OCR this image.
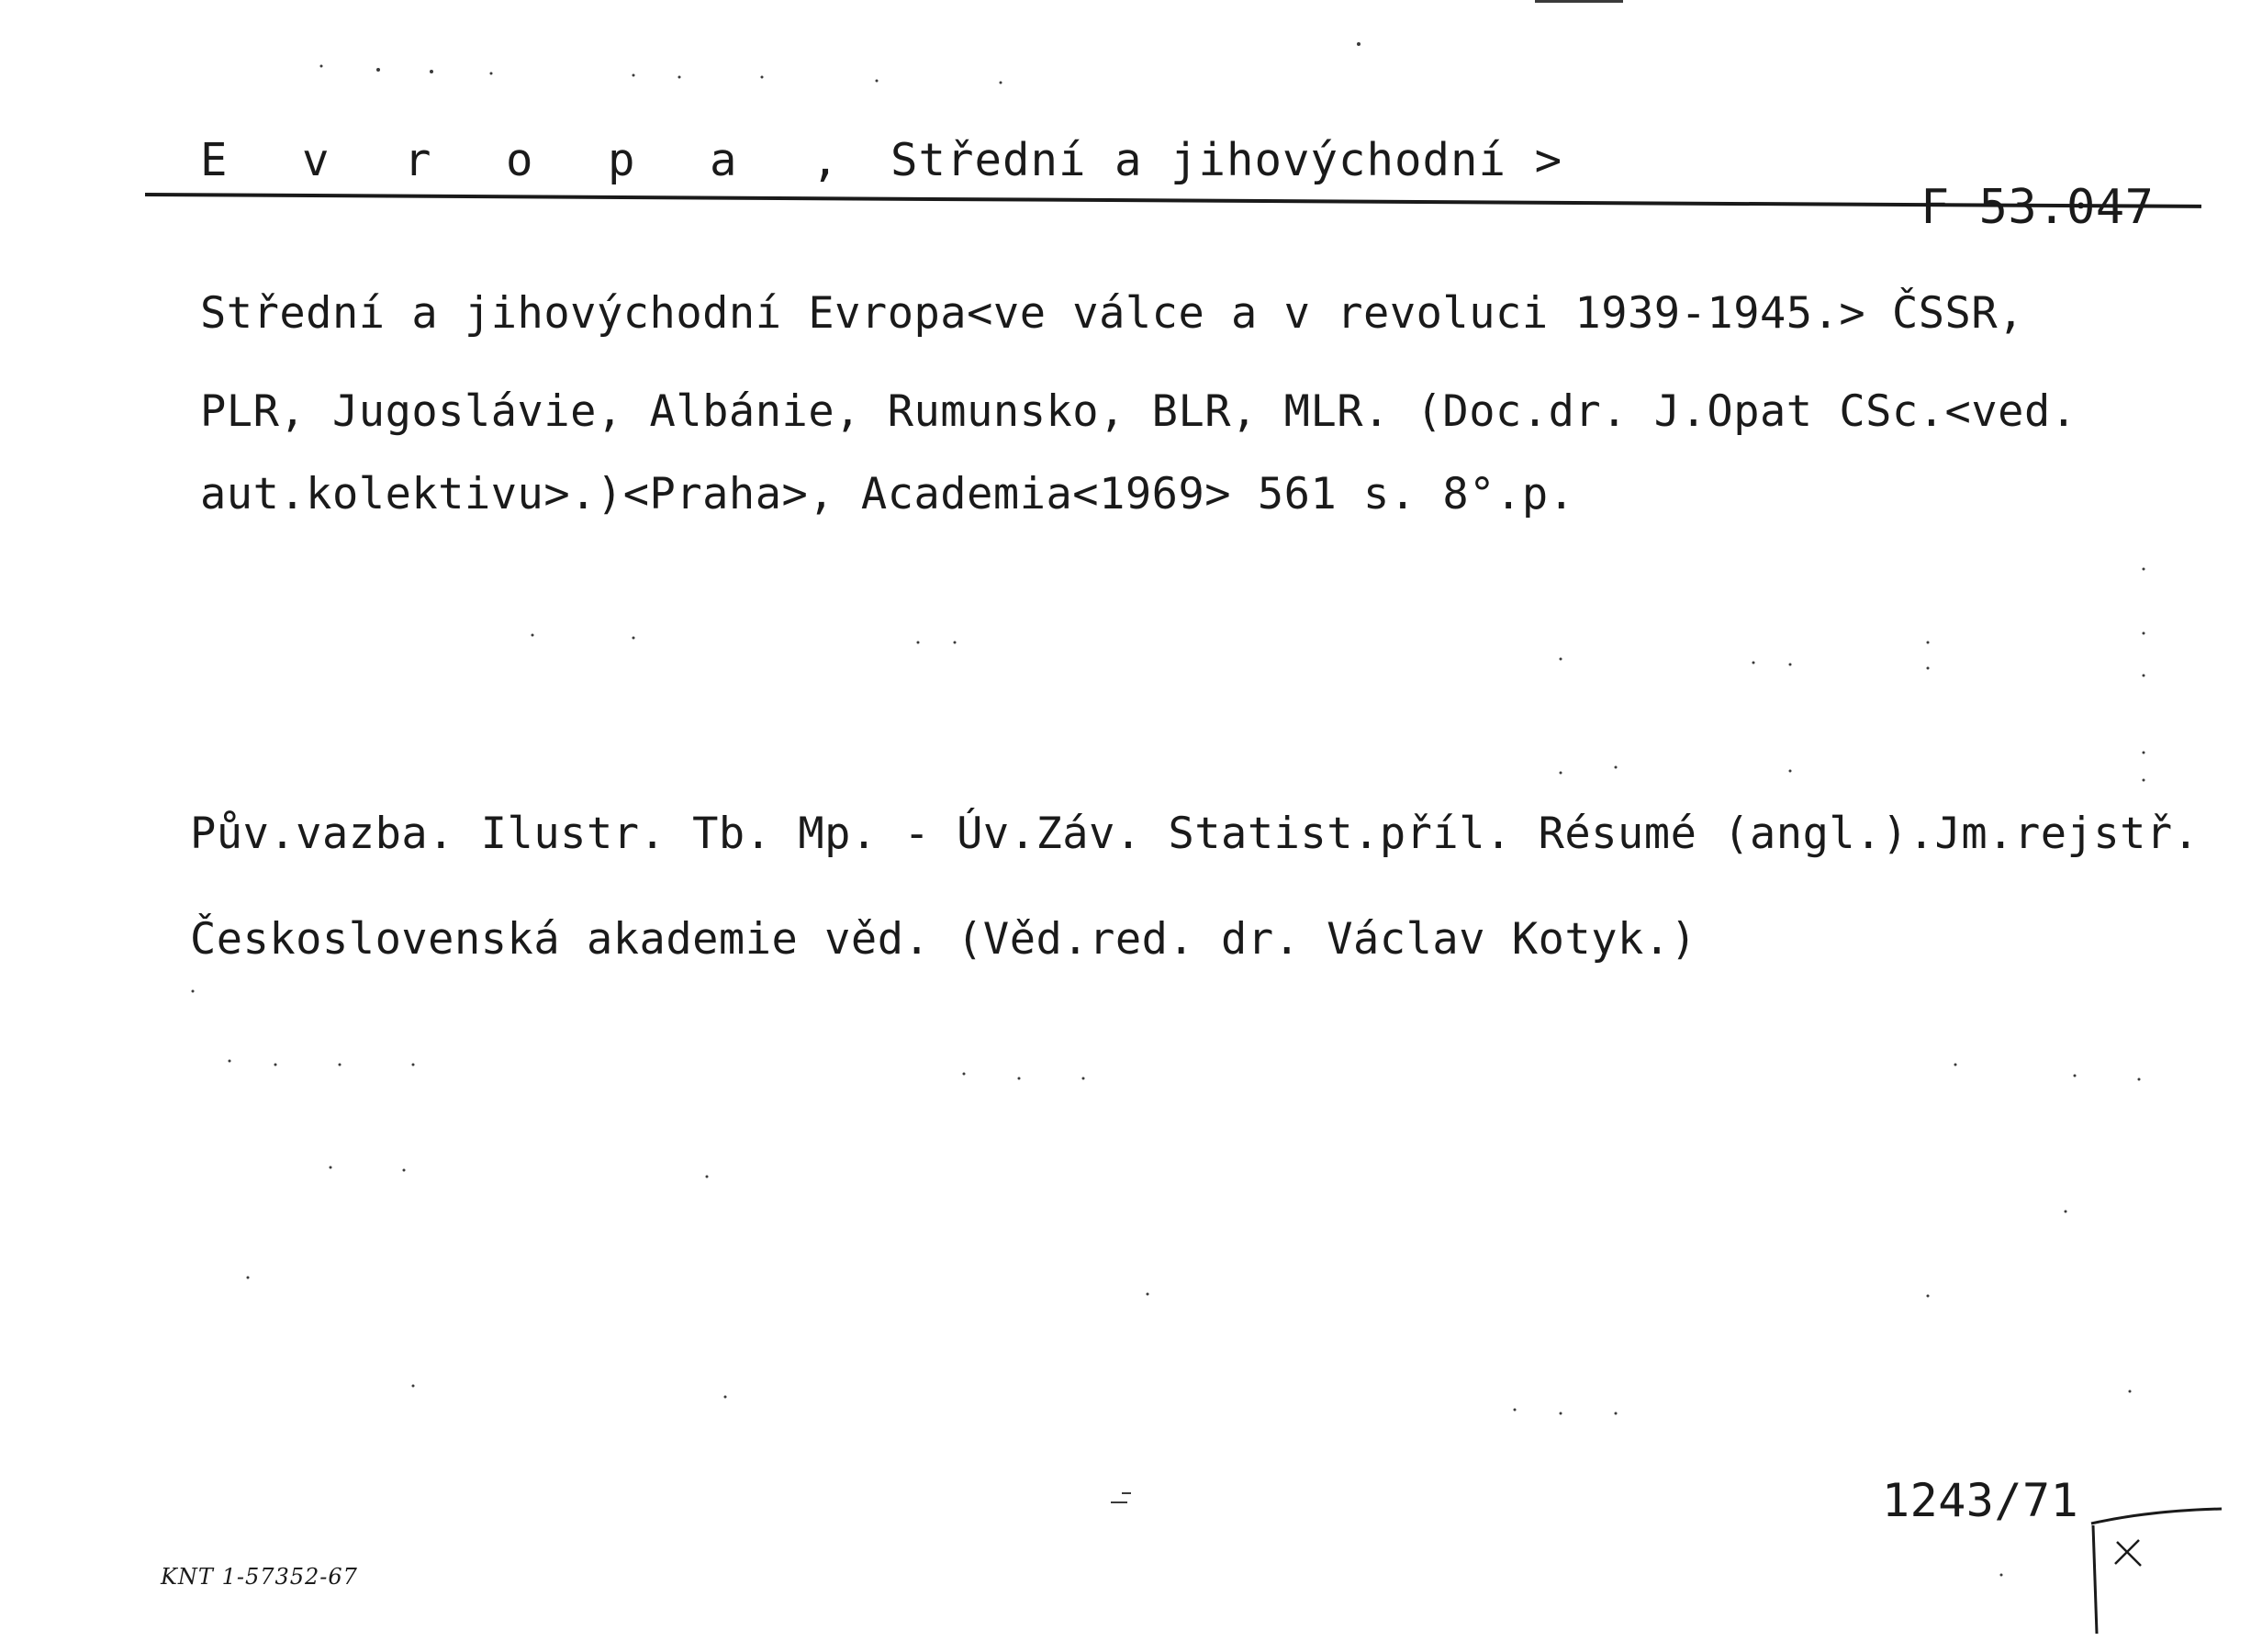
E v r o p a , Střední a jihovýchodní >
F 53.047
Střední a jihovýchodní Evropa<ve válce a v revoluci 1939-1945.> ČSSR,
PLR, Jugoslávie, Albánie, Rumunsko, BLR, MLR. (Doc.dr. J.Opat CSc.<ved.
aut.kolektivu>.)<Praha>, Academia<1969> 561 s. 8°.p.
Pův.vazba. Ilustr. Tb. Mp. - Úv.Záv. Statist.příl. Résumé (angl.).Jm.rejstř.
Československá akademie věd. (Věd.red. dr. Václav Kotyk.)
1243/71
KNT 1-57352-67
